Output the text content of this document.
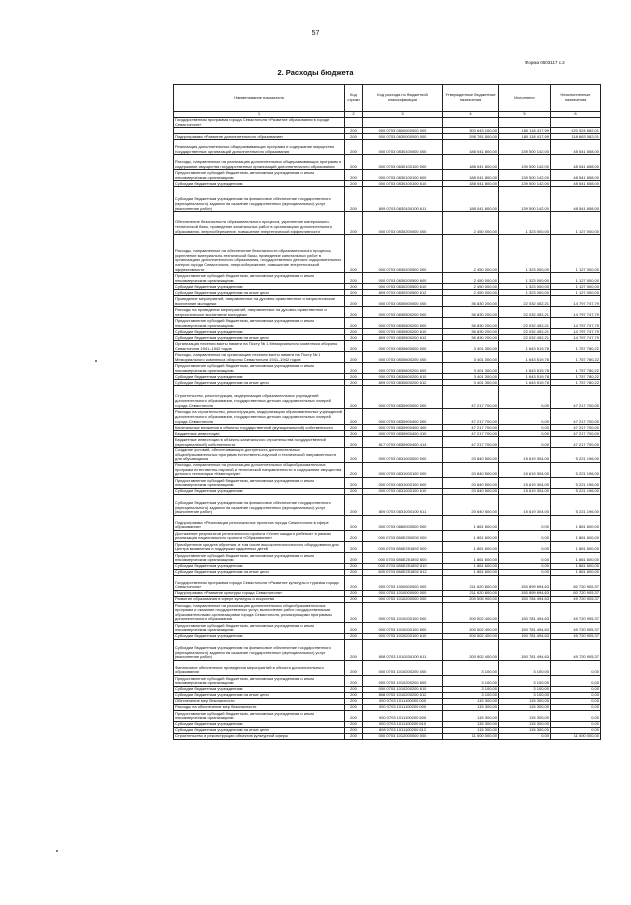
57
Форма 0503117 с.2
2. Расходы бюджета
Наименование показателя	Код строки	Код расхода по бюджетной классификации	Утвержденные бюджетные назначения	Исполнено	Неисполненные назначения
1	2	3	4	5	6
Государственная программа города Севастополя «Развитие образования в городе Севастополе»					
	200	000 0703 0800000000 000	300 643 100,00	180 118 417,99	120 524 682,01
Подпрограмма «Развитие дополнительного образования»	200	000 0703 0830000000 000	298 781 500,00	180 118 417,99	118 663 082,01
Реализация дополнительных общеразвивающих программ и содержание имущества государственных организаций дополнительного образования	200	000 0703 0830100000 000	188 041 800,00	139 500 142,00	48 541 658,00
Расходы, направленные на реализацию дополнительных общеразвивающих программ и содержание имущества государственных организаций дополнительного образования	200	000 0703 0830100100 000	188 041 800,00	139 500 142,00	48 541 658,00
Предоставление субсидий бюджетным, автономным учреждениям и иным некоммерческим организациям	200	000 0703 0830100100 600	188 041 800,00	139 500 142,00	48 541 658,00
Субсидии бюджетным учреждениям	200	000 0703 0830100100 610	188 041 800,00	139 500 142,00	48 541 658,00
Субсидии бюджетным учреждениям на финансовое обеспечение государственного (муниципального) задания на оказание государственных (муниципальных) услуг (выполнение работ)	200	809 0703 0830100100 611	188 041 800,00	139 500 142,00	48 541 658,00
Обеспечение безопасности образовательного процесса, укрепление материально-технической базы, проведение капитальных работ в организациях дополнительного образования, энергосбережение, повышение энергетической эффективности	200	000 0703 0830200000 000	2 450 000,00	1 323 000,00	1 127 000,00
Расходы, направленные на обеспечение безопасности образовательного процесса, укрепление материально-технической базы, проведение капитальных работ в организациях дополнительного образования, государственных детских оздоровительных лагерях города Севастополя, энергосбережение, повышение энергетической эффективности	200	000 0703 0830200500 000	2 450 000,00	1 323 000,00	1 127 000,00
Предоставление субсидий бюджетным, автономным учреждениям и иным некоммерческим организациям	200	000 0703 0830200500 600	2 450 000,00	1 323 000,00	1 127 000,00
Субсидии бюджетным учреждениям	200	000 0703 0830200500 610	2 450 000,00	1 323 000,00	1 127 000,00
Субсидии бюджетным учреждениям на иные цели	200	809 0703 0830200500 612	2 450 000,00	1 323 000,00	1 127 000,00
Проведение мероприятий, направленных на духовно-нравственное и патриотическое воспитание молодежи	200	000 0703 0830500000 000	36 830 200,00	22 032 452,21	14 797 747,79
Расходы на проведение мероприятий, направленных на духовно-нравственное и патриотическое воспитание молодежи	200	000 0703 0830500200 000	36 830 200,00	22 032 452,21	14 797 747,79
Предоставление субсидий бюджетным, автономным учреждениям и иным некоммерческим организациям	200	000 0703 0830500200 600	36 830 200,00	22 032 452,21	14 797 747,79
Субсидии бюджетным учреждениям	200	000 0703 0830500200 610	36 830 200,00	22 032 452,21	14 797 747,79
Субсидии бюджетным учреждениям на иные цели	200	809 0703 0830500200 612	36 830 200,00	22 032 452,21	14 797 747,79
Организация несения вахты памяти на Посту № 1 Мемориального комплекса обороны Севастополя 1941–1942 годов	200	000 0703 0830600000 000	3 401 300,00	1 643 519,78	1 757 780,22
Расходы, направленные на организацию несения вахты памяти на Посту № 1 Мемориального комплекса обороны Севастополя 1941–1942 годов	200	000 0703 0830600200 000	3 401 300,00	1 643 519,78	1 757 780,22
Предоставление субсидий бюджетным, автономным учреждениям и иным некоммерческим организациям	200	000 0703 0830600200 600	3 401 300,00	1 643 519,78	1 757 780,22
Субсидии бюджетным учреждениям	200	000 0703 0830600200 610	3 401 300,00	1 643 519,78	1 757 780,22
Субсидии бюджетным учреждениям на иные цели	200	809 0703 0830600200 612	3 401 300,00	1 643 519,78	1 757 780,22
Строительство, реконструкция, модернизация образовательных учреждений дополнительного образования, государственных детских оздоровительных лагерей города Севастополя	200	000 0703 0830900000 000	47 217 700,00	0,00	47 217 700,00
Расходы на строительство, реконструкцию, модернизацию образовательных учреждений дополнительного образования, государственных детских оздоровительных лагерей города Севастополя	200	000 0703 0830900400 000	47 217 700,00	0,00	47 217 700,00
Капитальные вложения в объекты государственной (муниципальной) собственности	200	000 0703 0830900400 400	47 217 700,00	0,00	47 217 700,00
Бюджетные инвестиции	200	000 0703 0830900400 410	47 217 700,00	0,00	47 217 700,00
Бюджетные инвестиции в объекты капитального строительства государственной (муниципальной) собственности	200	817 0703 0830900400 414	47 217 700,00	0,00	47 217 700,00
Создание условий, обеспечивающих доступность дополнительных общеобразовательных программ естественно-научной и технической направленности для обучающихся	200	000 0703 0831000000 000	20 840 500,00	15 619 304,00	5 221 196,00
Расходы, направленные на реализацию дополнительных общеобразовательных программ естественно-научной и технической направленности и содержание имущества детского технопарка «Кванториум»	200	000 0703 0831000100 000	20 840 500,00	15 619 304,00	5 221 196,00
Предоставление субсидий бюджетным, автономным учреждениям и иным некоммерческим организациям	200	000 0703 0831000100 600	20 840 500,00	15 619 304,00	5 221 196,00
Субсидии бюджетным учреждениям	200	000 0703 0831000100 610	20 840 500,00	15 619 304,00	5 221 196,00
Субсидии бюджетным учреждениям на финансовое обеспечение государственного (муниципального) задания на оказание государственных (муниципальных) услуг (выполнение работ)	200	809 0703 0831000100 611	20 840 500,00	15 619 304,00	5 221 196,00
Подпрограмма «Реализация региональных проектов города Севастополя в сфере образования»	200	000 0703 0860000000 000	1 861 600,00	0,00	1 861 600,00
Достижение результатов регионального проекта «Успех каждого ребенка» в рамках реализации национального проекта «Образование»	200	000 0703 086Е200000 000	1 861 600,00	0,00	1 861 600,00
Приобретение средств обучения, в том числе высокотехнологичного оборудования для Центра выявления и поддержки одаренных детей	200	000 0703 086Е251892 000	1 861 600,00	0,00	1 861 600,00
Предоставление субсидий бюджетным, автономным учреждениям и иным некоммерческим организациям	200	000 0703 086Е251892 600	1 861 600,00	0,00	1 861 600,00
Субсидии бюджетным учреждениям	200	000 0703 086Е251892 610	1 861 600,00	0,00	1 861 600,00
Субсидии бюджетным учреждениям на иные цели	200	809 0703 086Е251892 612	1 861 600,00	0,00	1 861 600,00
Государственная программа города Севастополя «Развитие культуры и туризма города Севастополя»	200	000 0703 1000000000 000	211 620 800,00	150 899 694,63	60 720 905,37
Подпрограмма «Развитие культуры города Севастополя»	200	000 0703 1010000000 000	211 620 800,00	150 899 694,63	60 720 905,37
Развитие образования в сфере культуры и искусства	200	000 0703 1010200000 000	200 505 900,00	150 784 494,63	49 720 905,37
Расходы, направленные на реализацию дополнительных общеобразовательных программ и оказание государственных услуг, выполнение работ государственными образовательными организациями города Севастополя, реализующими программы дополнительного образования	200	000 0703 1010200100 000	200 502 400,00	150 781 494,63	49 720 905,37
Предоставление субсидий бюджетным, автономным учреждениям и иным некоммерческим организациям	200	000 0703 1010200100 600	200 502 400,00	150 781 494,63	49 720 905,37
Субсидии бюджетным учреждениям	200	000 0703 1010200100 610	200 502 400,00	150 781 494,63	49 720 905,37
Субсидии бюджетным учреждениям на финансовое обеспечение государственного (муниципального) задания на оказание государственных (муниципальных) услуг (выполнение работ)	200	808 0703 1010200100 611	200 502 400,00	150 781 494,63	49 720 905,37
Финансовое обеспечение проведения мероприятий в области дополнительного образования	200	000 0703 1010200200 000	3 100,00	3 100,00	0,00
Предоставление субсидий бюджетным, автономным учреждениям и иным некоммерческим организациям	200	000 0703 1010200200 600	3 100,00	3 100,00	0,00
Субсидии бюджетным учреждениям	200	000 0703 1010200200 610	3 100,00	3 100,00	0,00
Субсидии бюджетным учреждениям на иные цели	200	808 0703 1010200200 612	3 100,00	3 100,00	0,00
Обеспечение мер безопасности	200	000 0703 1011100000 000	115 300,00	115 300,00	0,00
Расходы на обеспечение мер безопасности	200	000 0703 1011100200 000	115 300,00	115 300,00	0,00
Предоставление субсидий бюджетным, автономным учреждениям и иным некоммерческим организациям	200	000 0703 1011100200 600	115 300,00	115 300,00	0,00
Субсидии бюджетным учреждениям	200	000 0703 1011100200 610	115 300,00	115 300,00	0,00
Субсидии бюджетным учреждениям на иные цели	200	808 0703 1011100200 612	115 300,00	115 300,00	0,00
Строительство и реконструкция объектов культурной сферы	200	000 0703 1012000000 000	11 000 000,00	0,00	11 000 000,00
